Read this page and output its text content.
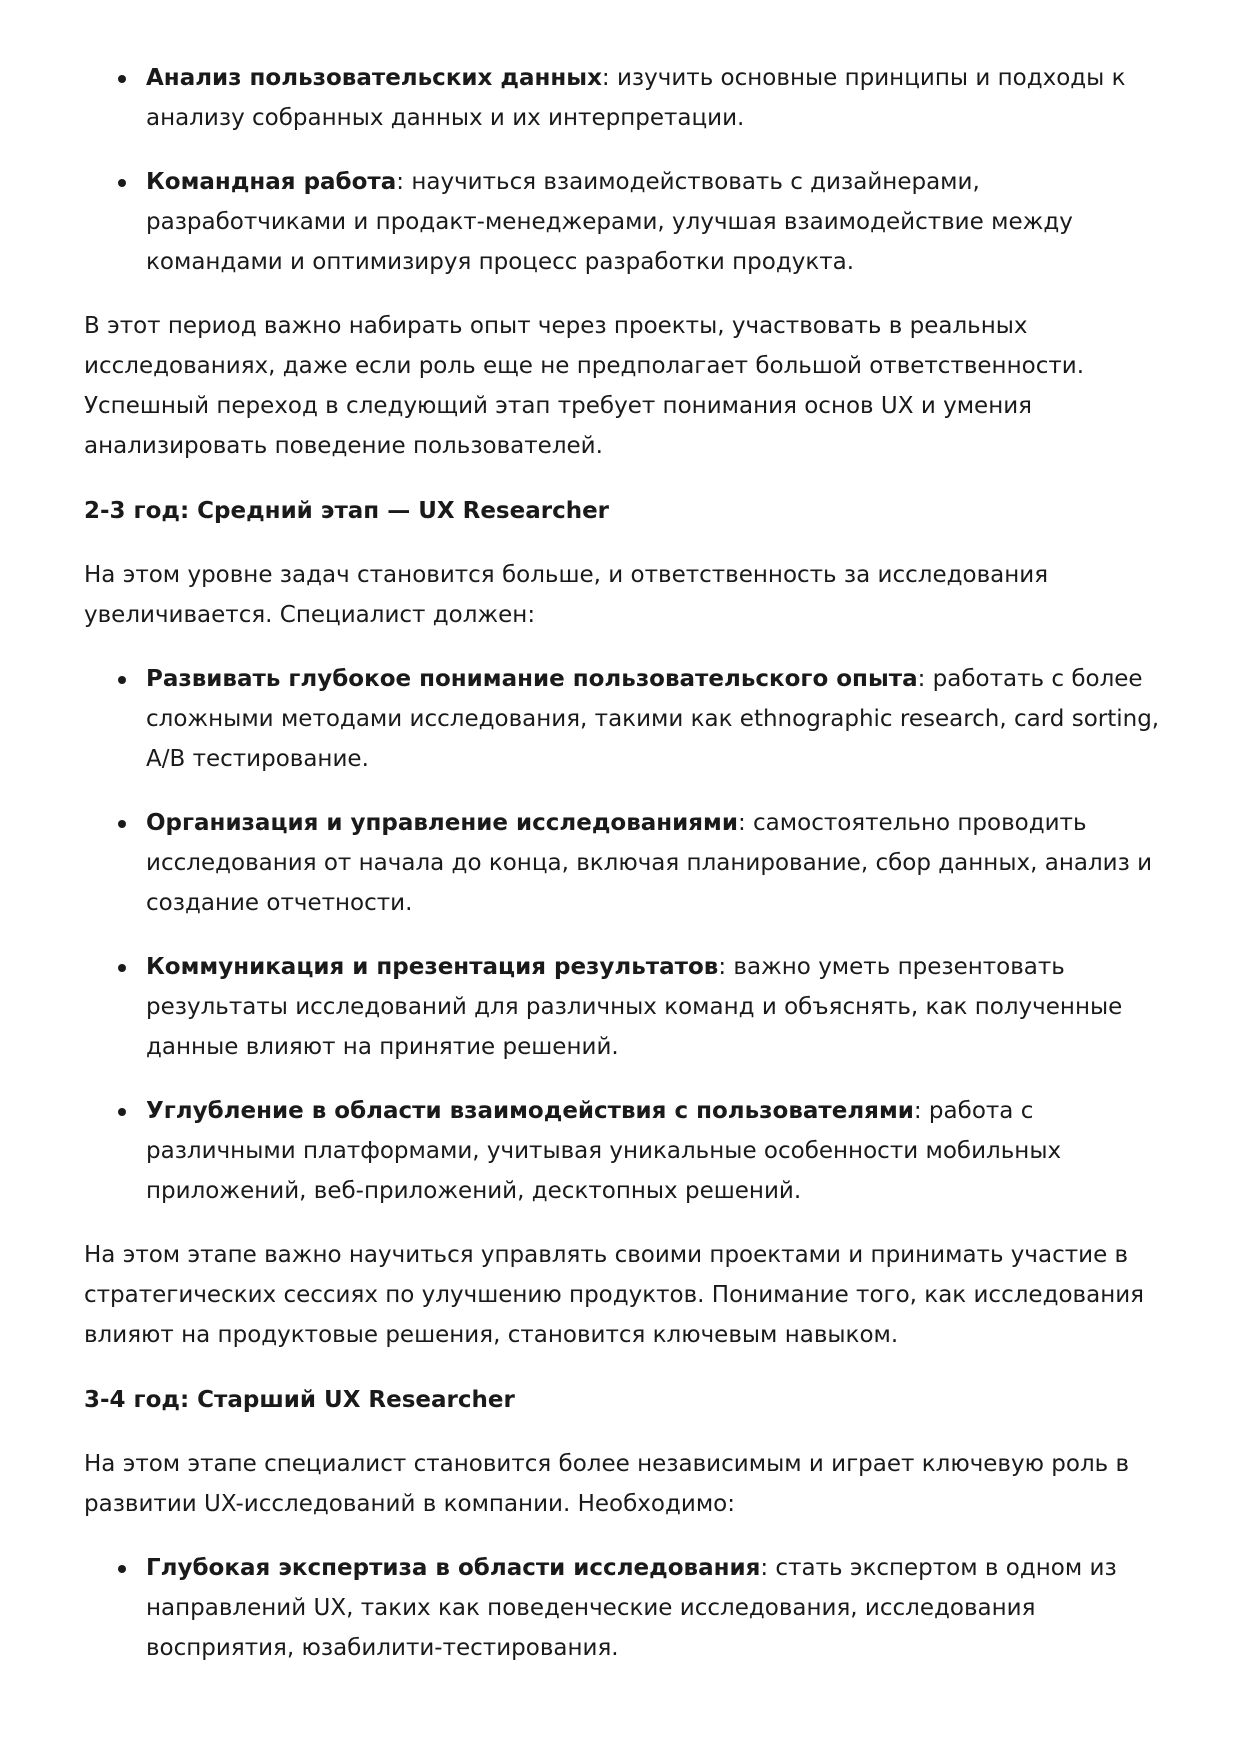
Анализ пользовательских данных: изучить основные принципы и подходы к анализу собранных данных и их интерпретации.
Командная работа: научиться взаимодействовать с дизайнерами, разработчиками и продакт-менеджерами, улучшая взаимодействие между командами и оптимизируя процесс разработки продукта.

В этот период важно набирать опыт через проекты, участвовать в реальных исследованиях, даже если роль еще не предполагает большой ответственности. Успешный переход в следующий этап требует понимания основ UX и умения анализировать поведение пользователей.

2-3 год: Средний этап — UX Researcher

На этом уровне задач становится больше, и ответственность за исследования увеличивается. Специалист должен:

Развивать глубокое понимание пользовательского опыта: работать с более сложными методами исследования, такими как ethnographic research, card sorting, A/B тестирование.
Организация и управление исследованиями: самостоятельно проводить исследования от начала до конца, включая планирование, сбор данных, анализ и создание отчетности.
Коммуникация и презентация результатов: важно уметь презентовать результаты исследований для различных команд и объяснять, как полученные данные влияют на принятие решений.
Углубление в области взаимодействия с пользователями: работа с различными платформами, учитывая уникальные особенности мобильных приложений, веб-приложений, десктопных решений.

На этом этапе важно научиться управлять своими проектами и принимать участие в стратегических сессиях по улучшению продуктов. Понимание того, как исследования влияют на продуктовые решения, становится ключевым навыком.

3-4 год: Старший UX Researcher

На этом этапе специалист становится более независимым и играет ключевую роль в развитии UX-исследований в компании. Необходимо:

Глубокая экспертиза в области исследования: стать экспертом в одном из направлений UX, таких как поведенческие исследования, исследования восприятия, юзабилити-тестирования.
